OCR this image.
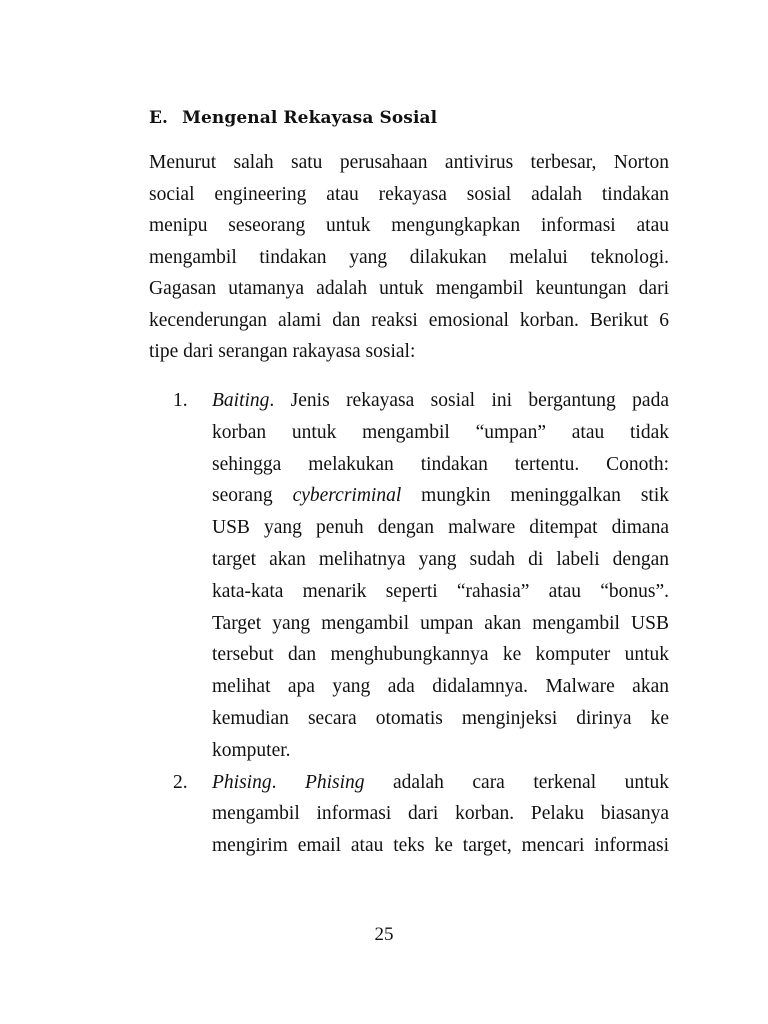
E. Mengenal Rekayasa Sosial
Menurut salah satu perusahaan antivirus terbesar, Norton
social engineering atau rekayasa sosial adalah tindakan
menipu seseorang untuk mengungkapkan informasi atau
mengambil tindakan yang dilakukan melalui teknologi.
Gagasan utamanya adalah untuk mengambil keuntungan dari
kecenderungan alami dan reaksi emosional korban. Berikut 6
tipe dari serangan rakayasa sosial:
1. Baiting. Jenis rekayasa sosial ini bergantung pada
korban untuk mengambil “umpan” atau tidak
sehingga melakukan tindakan tertentu. Conoth:
seorang cybercriminal mungkin meninggalkan stik
USB yang penuh dengan malware ditempat dimana
target akan melihatnya yang sudah di labeli dengan
kata-kata menarik seperti “rahasia” atau “bonus”.
Target yang mengambil umpan akan mengambil USB
tersebut dan menghubungkannya ke komputer untuk
melihat apa yang ada didalamnya. Malware akan
kemudian secara otomatis menginjeksi dirinya ke
komputer.
2. Phising. Phising adalah cara terkenal untuk
mengambil informasi dari korban. Pelaku biasanya
mengirim email atau teks ke target, mencari informasi
25
